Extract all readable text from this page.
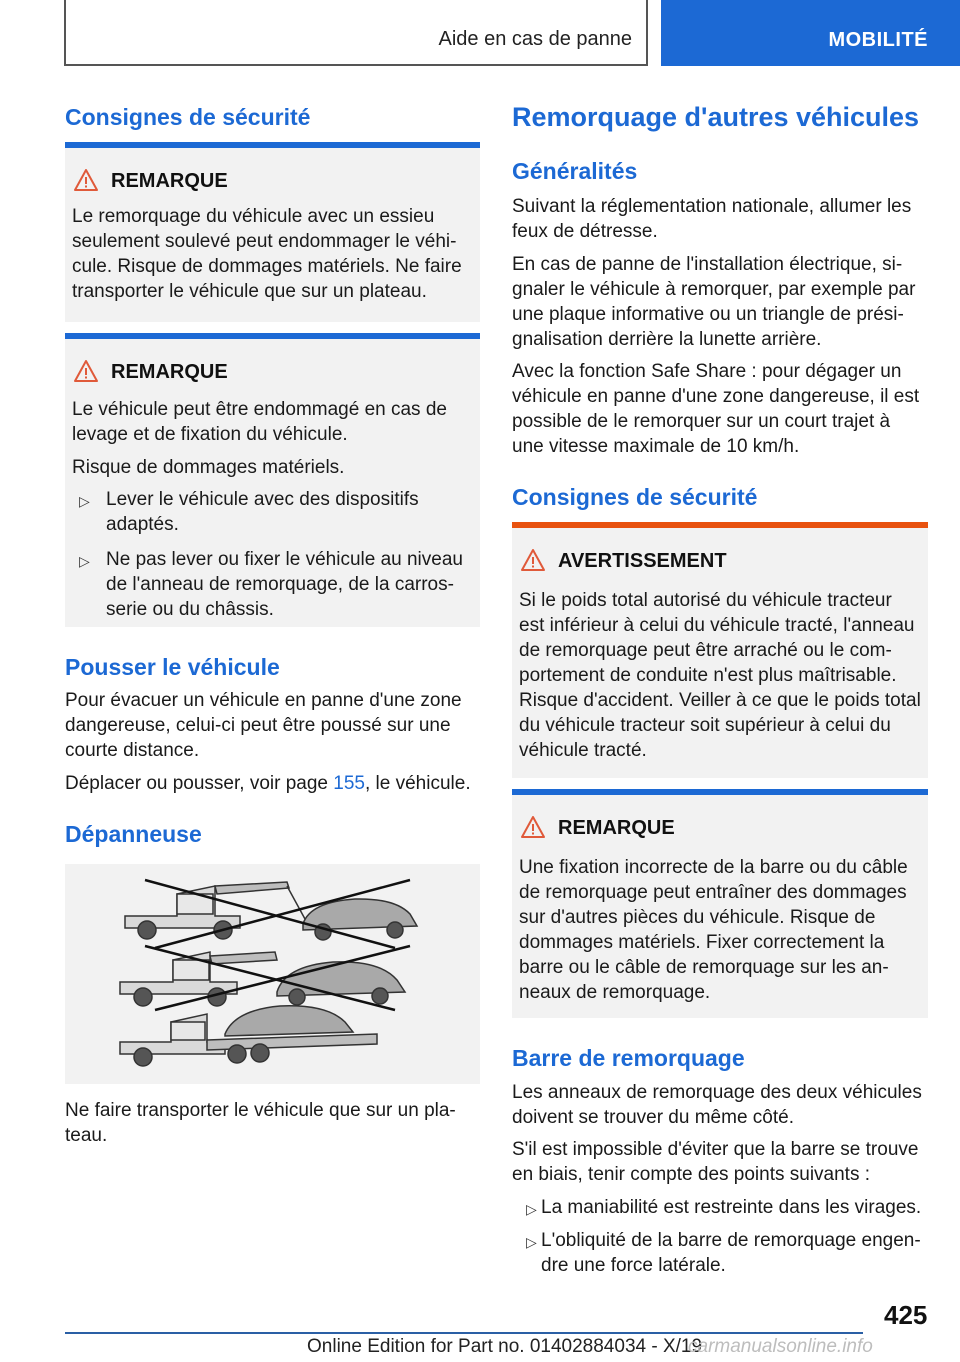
Aide en cas de panne	MOBILITÉ
Consignes de sécurité
REMARQUE
Le remorquage du véhicule avec un essieu
seulement soulevé peut endommager le véhi-
cule. Risque de dommages matériels. Ne faire
transporter le véhicule que sur un plateau.
REMARQUE
Le véhicule peut être endommagé en cas de
levage et de fixation du véhicule.
Risque de dommages matériels.
▷ Lever le véhicule avec des dispositifs
adaptés.
▷ Ne pas lever ou fixer le véhicule au niveau
de l'anneau de remorquage, de la carros-
serie ou du châssis.
Pousser le véhicule
Pour évacuer un véhicule en panne d'une zone
dangereuse, celui-ci peut être poussé sur une
courte distance.
Déplacer ou pousser, voir page 155, le véhicule.
Dépanneuse
Ne faire transporter le véhicule que sur un pla-
teau.
Remorquage d'autres véhicules
Généralités
Suivant la réglementation nationale, allumer les
feux de détresse.
En cas de panne de l'installation électrique, si-
gnaler le véhicule à remorquer, par exemple par
une plaque informative ou un triangle de prési-
gnalisation derrière la lunette arrière.
Avec la fonction Safe Share : pour dégager un
véhicule en panne d'une zone dangereuse, il est
possible de le remorquer sur un court trajet à
une vitesse maximale de 10 km/h.
Consignes de sécurité
AVERTISSEMENT
Si le poids total autorisé du véhicule tracteur
est inférieur à celui du véhicule tracté, l'anneau
de remorquage peut être arraché ou le com-
portement de conduite n'est plus maîtrisable.
Risque d'accident. Veiller à ce que le poids total
du véhicule tracteur soit supérieur à celui du
véhicule tracté.
REMARQUE
Une fixation incorrecte de la barre ou du câble
de remorquage peut entraîner des dommages
sur d'autres pièces du véhicule. Risque de
dommages matériels. Fixer correctement la
barre ou le câble de remorquage sur les an-
neaux de remorquage.
Barre de remorquage
Les anneaux de remorquage des deux véhicules
doivent se trouver du même côté.
S'il est impossible d'éviter que la barre se trouve
en biais, tenir compte des points suivants :
▷ La maniabilité est restreinte dans les virages.
▷ L'obliquité de la barre de remorquage engen-
dre une force latérale.
425
Online Edition for Part no. 01402884034 - X/19
carmanualsonline.info
